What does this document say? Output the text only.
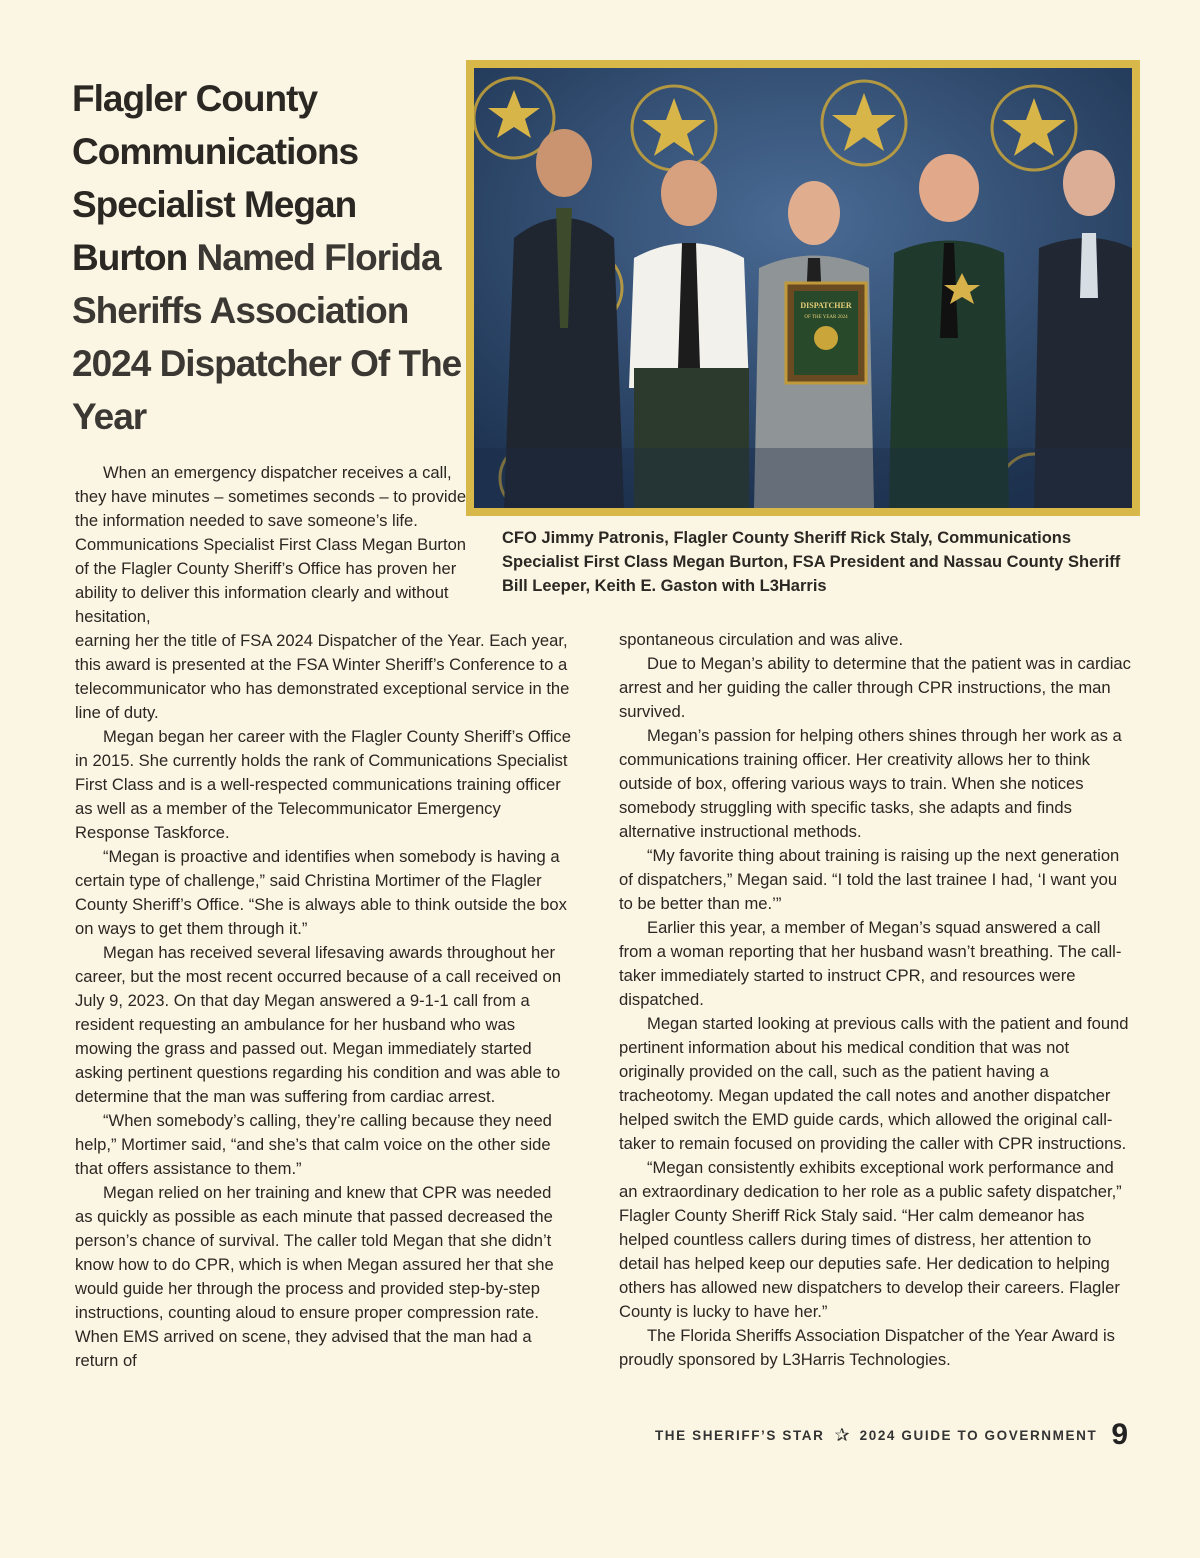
Flagler County Communications Specialist Megan Burton Named Florida Sheriffs Association 2024 Dispatcher Of The Year
DISPATCHER
OF THE YEAR 2024

CFO Jimmy Patronis, Flagler County Sheriff Rick Staly, Communications Specialist First Class Megan Burton, FSA President and Nassau County Sheriff Bill Leeper, Keith E. Gaston with L3Harris

When an emergency dispatcher receives a call, they have minutes – sometimes seconds – to provide the information needed to save someone’s life. Communications Specialist First Class Megan Burton of the Flagler County Sheriff’s Office has proven her ability to deliver this information clearly and without hesitation,

earning her the title of FSA 2024 Dispatcher of the Year. Each year, this award is presented at the FSA Winter Sheriff’s Conference to a telecommunicator who has demonstrated exceptional service in the line of duty.

Megan began her career with the Flagler County Sheriff’s Office in 2015. She currently holds the rank of Communications Specialist First Class and is a well-respected communications training officer as well as a member of the Telecommunicator Emergency Response Taskforce.

“Megan is proactive and identifies when somebody is having a certain type of challenge,” said Christina Mortimer of the Flagler County Sheriff’s Office. “She is always able to think outside the box on ways to get them through it.”

Megan has received several lifesaving awards throughout her career, but the most recent occurred because of a call received on July 9, 2023. On that day Megan answered a 9-1-1 call from a resident requesting an ambulance for her husband who was mowing the grass and passed out. Megan immediately started asking pertinent questions regarding his condition and was able to determine that the man was suffering from cardiac arrest.

“When somebody’s calling, they’re calling because they need help,” Mortimer said, “and she’s that calm voice on the other side that offers assistance to them.”

Megan relied on her training and knew that CPR was needed as quickly as possible as each minute that passed decreased the person’s chance of survival. The caller told Megan that she didn’t know how to do CPR, which is when Megan assured her that she would guide her through the process and provided step-by-step instructions, counting aloud to ensure proper compression rate. When EMS arrived on scene, they advised that the man had a return of

spontaneous circulation and was alive.

Due to Megan’s ability to determine that the patient was in cardiac arrest and her guiding the caller through CPR instructions, the man survived.

Megan’s passion for helping others shines through her work as a communications training officer. Her creativity allows her to think outside of box, offering various ways to train. When she notices somebody struggling with specific tasks, she adapts and finds alternative instructional methods.

“My favorite thing about training is raising up the next generation of dispatchers,” Megan said. “I told the last trainee I had, ‘I want you to be better than me.’”

Earlier this year, a member of Megan’s squad answered a call from a woman reporting that her husband wasn’t breathing. The call-taker immediately started to instruct CPR, and resources were dispatched.

Megan started looking at previous calls with the patient and found pertinent information about his medical condition that was not originally provided on the call, such as the patient having a tracheotomy. Megan updated the call notes and another dispatcher helped switch the EMD guide cards, which allowed the original call-taker to remain focused on providing the caller with CPR instructions.

“Megan consistently exhibits exceptional work performance and an extraordinary dedication to her role as a public safety dispatcher,” Flagler County Sheriff Rick Staly said. “Her calm demeanor has helped countless callers during times of distress, her attention to detail has helped keep our deputies safe. Her dedication to helping others has allowed new dispatchers to develop their careers. Flagler County is lucky to have her.”

The Florida Sheriffs Association Dispatcher of the Year Award is proudly sponsored by L3Harris Technologies.

THE SHERIFF’S STAR ✰ 2024 GUIDE TO GOVERNMENT 9
